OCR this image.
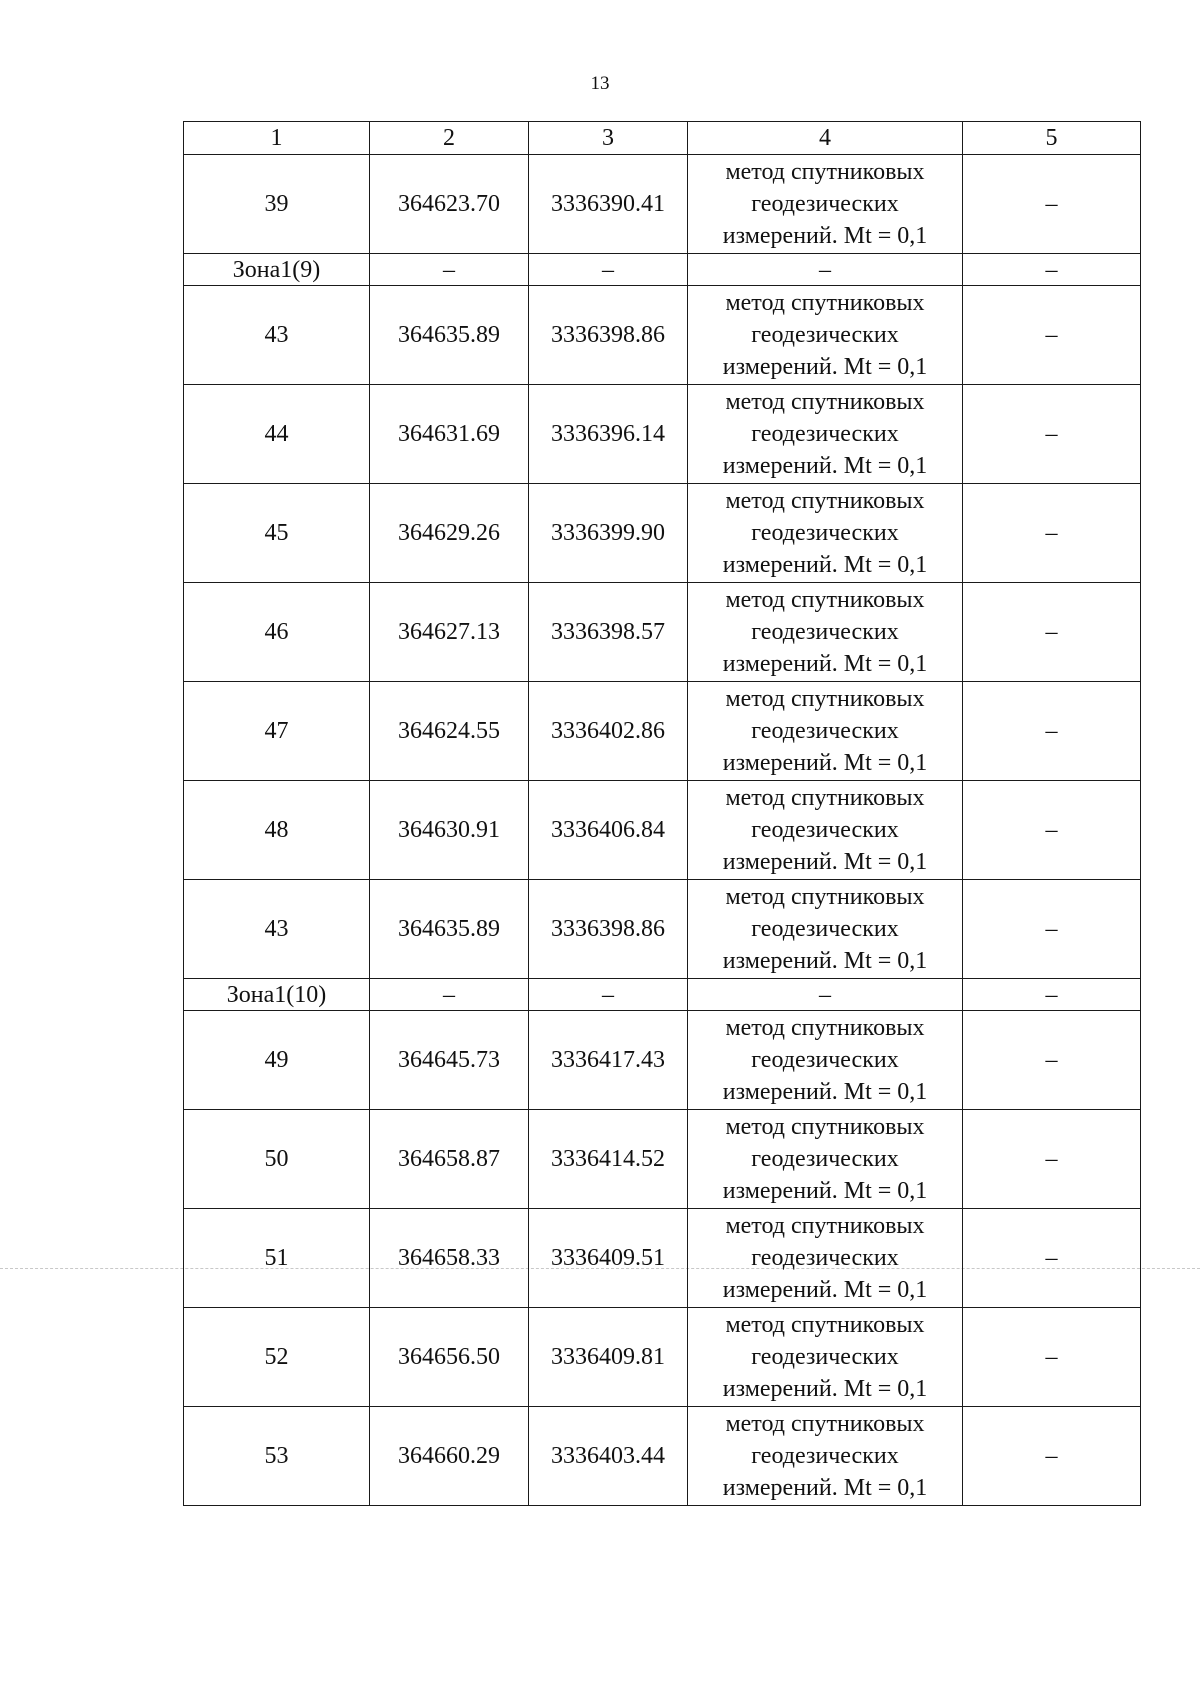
13
1	2	3	4	5
39	364623.70	3336390.41	метод спутниковых
геодезических
измерений. Mt = 0,1	–
Зона1(9)	–	–	–	–
43	364635.89	3336398.86	метод спутниковых
геодезических
измерений. Mt = 0,1	–
44	364631.69	3336396.14	метод спутниковых
геодезических
измерений. Mt = 0,1	–
45	364629.26	3336399.90	метод спутниковых
геодезических
измерений. Mt = 0,1	–
46	364627.13	3336398.57	метод спутниковых
геодезических
измерений. Mt = 0,1	–
47	364624.55	3336402.86	метод спутниковых
геодезических
измерений. Mt = 0,1	–
48	364630.91	3336406.84	метод спутниковых
геодезических
измерений. Mt = 0,1	–
43	364635.89	3336398.86	метод спутниковых
геодезических
измерений. Mt = 0,1	–
Зона1(10)	–	–	–	–
49	364645.73	3336417.43	метод спутниковых
геодезических
измерений. Mt = 0,1	–
50	364658.87	3336414.52	метод спутниковых
геодезических
измерений. Mt = 0,1	–
51	364658.33	3336409.51	метод спутниковых
геодезических
измерений. Mt = 0,1	–
52	364656.50	3336409.81	метод спутниковых
геодезических
измерений. Mt = 0,1	–
53	364660.29	3336403.44	метод спутниковых
геодезических
измерений. Mt = 0,1	–
